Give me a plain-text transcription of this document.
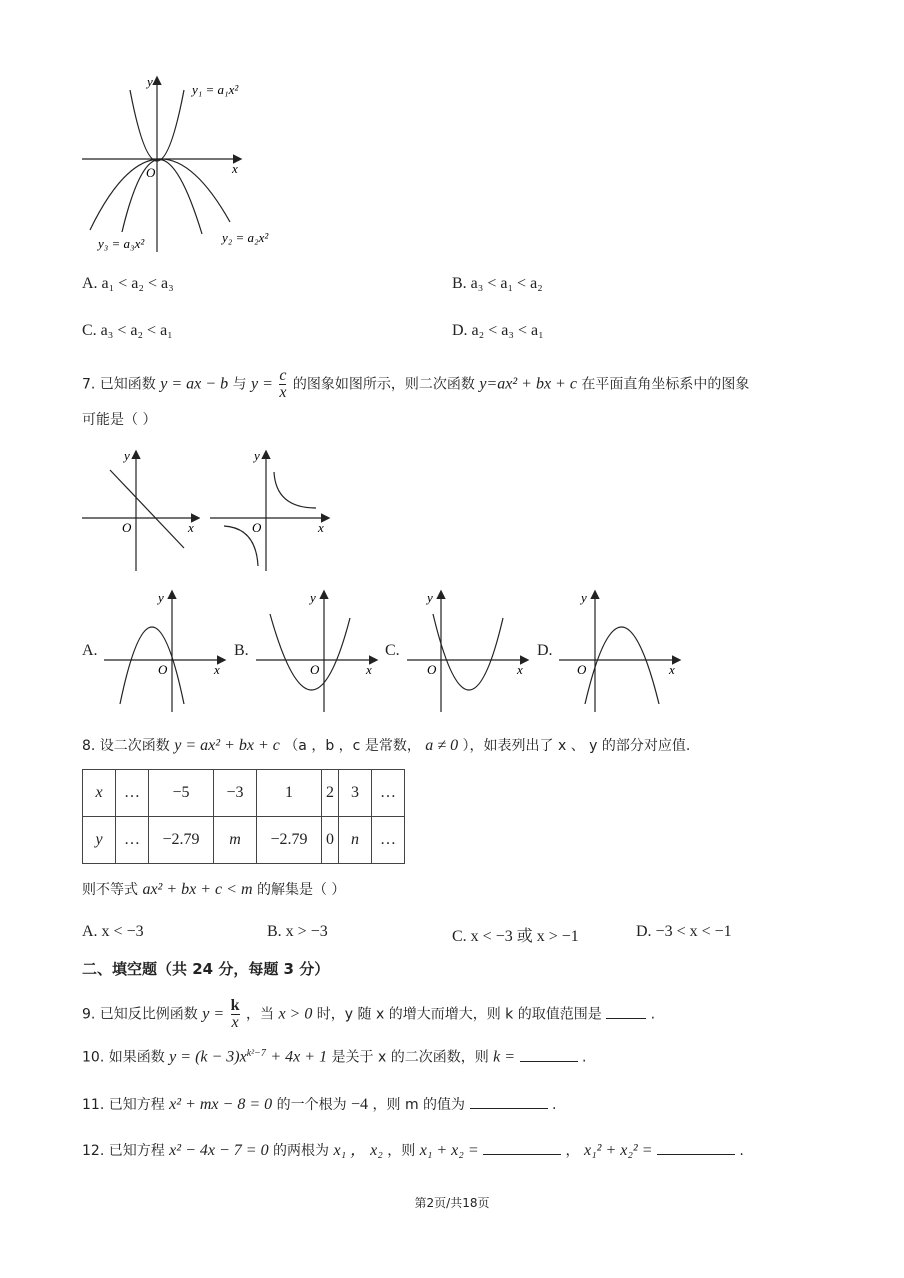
y
x
O
y₁ = a₁x²
y₂ = a₂x²
y₃ = a₃x²
A. a₁ < a₂ < a₃	B. a₃ < a₁ < a₂
C. a₃ < a₂ < a₁	D. a₂ < a₃ < a₁
7. 已知函数 y = ax − b 与 $y = \frac{c}{x}$ 的图象如图所示，则二次函数 y=ax² + bx + c 在平面直角坐标系中的图象
可能是（ ）
y
x
O
y
x
O
A.
y
x
O
B.
y
x
O
C.
y
x
O
D.
y
x
O
8. 设二次函数 y = ax² + bx + c （a ，b ，c 是常数， a ≠ 0 ），如表列出了 x 、 y 的部分对应值.
x	…	−5	−3	1	2	3	…
y	…	−2.79	m	−2.79	0	n	…
则不等式 ax² + bx + c < m 的解集是（ ）
A. x < −3	B. x > −3	C. x < −3 或 x > −1	D. −3 < x < −1
二、填空题（共 24 分，每题 3 分）
9. 已知反比例函数 $y = \frac{k}{x}$ ，当 x > 0 时，y 随 x 的增大而增大，则 k 的取值范围是	.
10. 如果函数 $y = (k - 3)x^{k^2-7} + 4x + 1$ 是关于 x 的二次函数，则 k =	.
11. 已知方程 x² + mx − 8 = 0 的一个根为 −4 ，则 m 的值为	.
12. 已知方程 x² − 4x − 7 = 0 的两根为 x₁ ， x₂ ，则 x₁ + x₂ =	， x₁² + x₂² =	.
第2页/共18页
